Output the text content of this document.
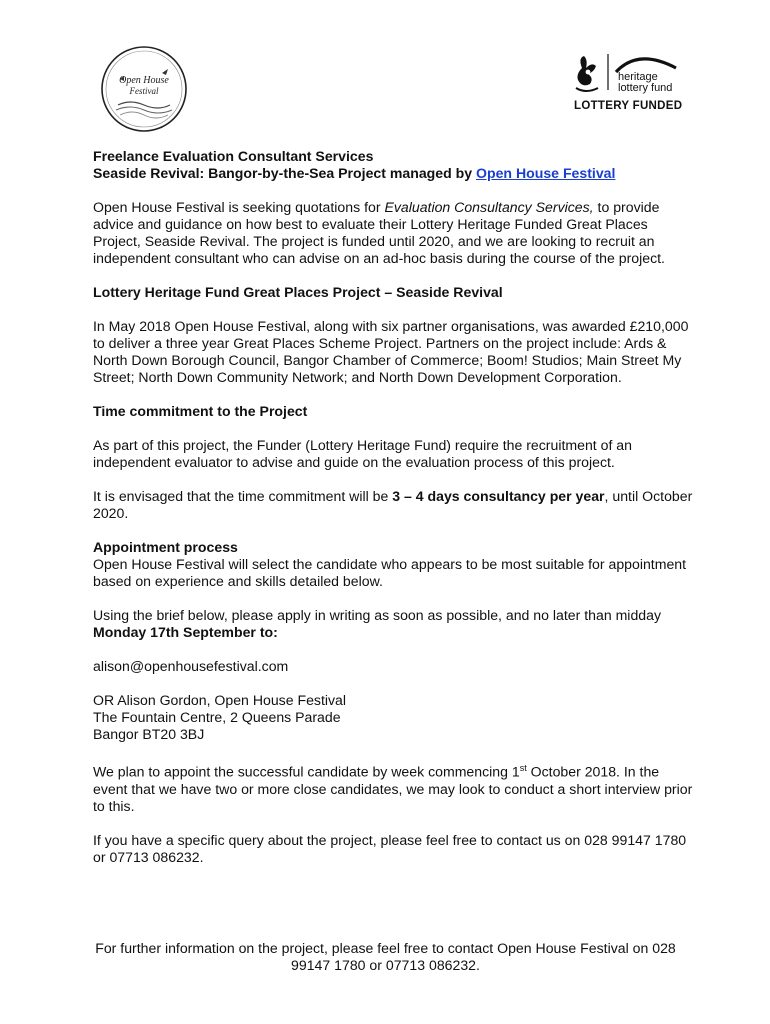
Open House
Festival
heritage
lottery fund
LOTTERY FUNDED

Freelance Evaluation Consultant Services

Seaside Revival: Bangor-by-the-Sea Project managed by Open House Festival

Open House Festival is seeking quotations for Evaluation Consultancy Services, to provide advice and guidance on how best to evaluate their Lottery Heritage Funded Great Places Project, Seaside Revival. The project is funded until 2020, and we are looking to recruit an independent consultant who can advise on an ad-hoc basis during the course of the project.

Lottery Heritage Fund Great Places Project – Seaside Revival

In May 2018 Open House Festival, along with six partner organisations, was awarded £210,000 to deliver a three year Great Places Scheme Project. Partners on the project include: Ards & North Down Borough Council, Bangor Chamber of Commerce; Boom! Studios; Main Street My Street; North Down Community Network; and North Down Development Corporation.

Time commitment to the Project

As part of this project, the Funder (Lottery Heritage Fund) require the recruitment of an independent evaluator to advise and guide on the evaluation process of this project.

It is envisaged that the time commitment will be 3 – 4 days consultancy per year, until October 2020.

Appointment process

Open House Festival will select the candidate who appears to be most suitable for appointment based on experience and skills detailed below.

Using the brief below, please apply in writing as soon as possible, and no later than midday Monday 17th September to:

alison@openhousefestival.com

OR Alison Gordon, Open House Festival

The Fountain Centre, 2 Queens Parade

Bangor BT20 3BJ

We plan to appoint the successful candidate by week commencing 1st October 2018. In the event that we have two or more close candidates, we may look to conduct a short interview prior to this.

If you have a specific query about the project, please feel free to contact us on 028 99147 1780 or 07713 086232.

For further information on the project, please feel free to contact Open House Festival on 028 99147 1780 or 07713 086232.
